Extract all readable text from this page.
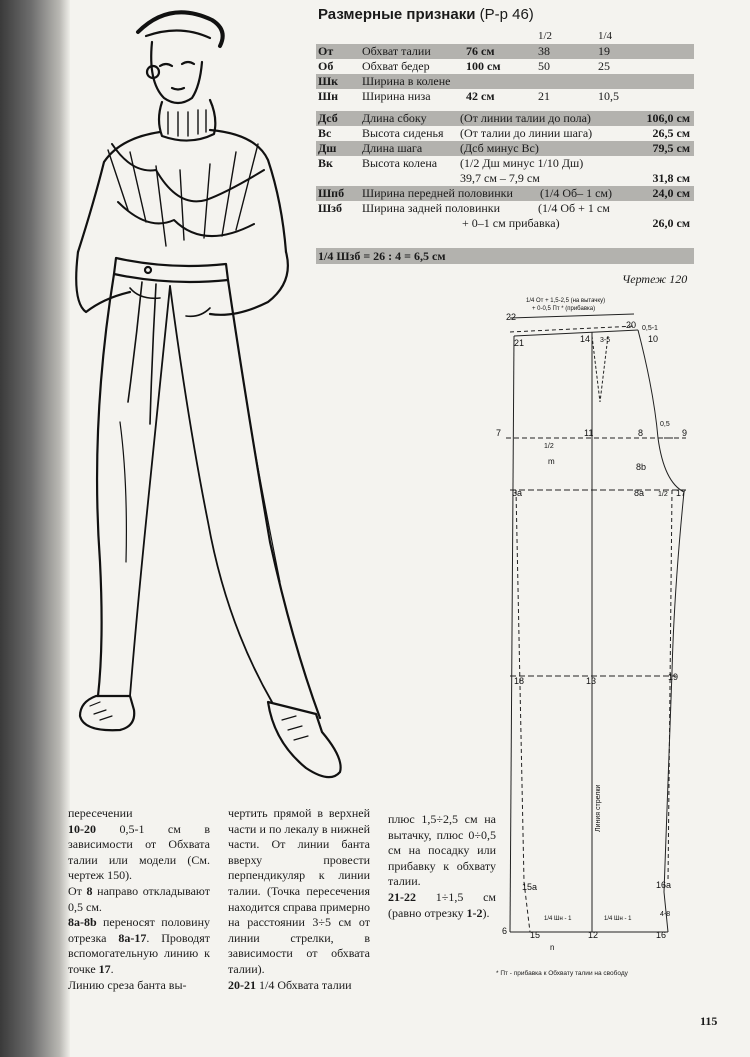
Размерные признаки (Р-р 46)
1/2	1/4
От Обхват талии	76 см	38	19
Об Обхват бедер	100 см	50	25
Шк Ширина в колене
Шн Ширина низа	42 см	21	10,5
Дсб Длина сбоку	(От линии талии до пола)	106,0 см
Вс	Высота сиденья (От талии до линии шага)	26,5 см
Дш Длина шага	(Дсб минус Вс)	79,5 см
Вк Высота колена (1/2 Дш минус 1/10 Дш)
39,7 см – 7,9 см	31,8 см
Шпб Ширина передней половинки (1/4 Об– 1 см)	24,0 см
Шзб Ширина задней половинки	(1/4 Об + 1 см
+ 0–1 см прибавка)	26,0 см
1/4 Шзб = 26 : 4 = 6,5 см
Чертеж 120
1/4 От + 1,5-2,5 (на вытачку)
+ 0-0,5 Пт * (прибавка)
22
21	14 3-5
20 0,5-1
10
7
1/2
11	8
0,5
9
m
8b
3a	8a 1/2 17
18	13	19
15a	16a
4-8
6	15	12	16
n
1/4 Шн - 1	1/4 Шн - 1
Линия стрелки
* Пт - прибавка к Обхвату талии на свободу

пересечении

10-20 0,5-1 см в зависимости от Обхвата талии или модели (См. чертеж 150).

От 8 направо откладывают 0,5 см.

8а-8b переносят половину отрезка 8а-17. Проводят вспомогательную линию к точке 17.

Линию среза банта вы-

чертить прямой в верхней части и по лекалу в нижней части. От линии банта вверху провести перпендикуляр к линии талии. (Точка пересечения находится справа примерно на расстоянии 3÷5 см от линии стрелки, в зависимости от обхвата талии).

20-21 1/4 Обхвата талии

плюс 1,5÷2,5 см на вытачку, плюс 0÷0,5 см на посадку или прибавку к обхвату талии.

21-22 1÷1,5 см (равно отрезку 1-2).

115
